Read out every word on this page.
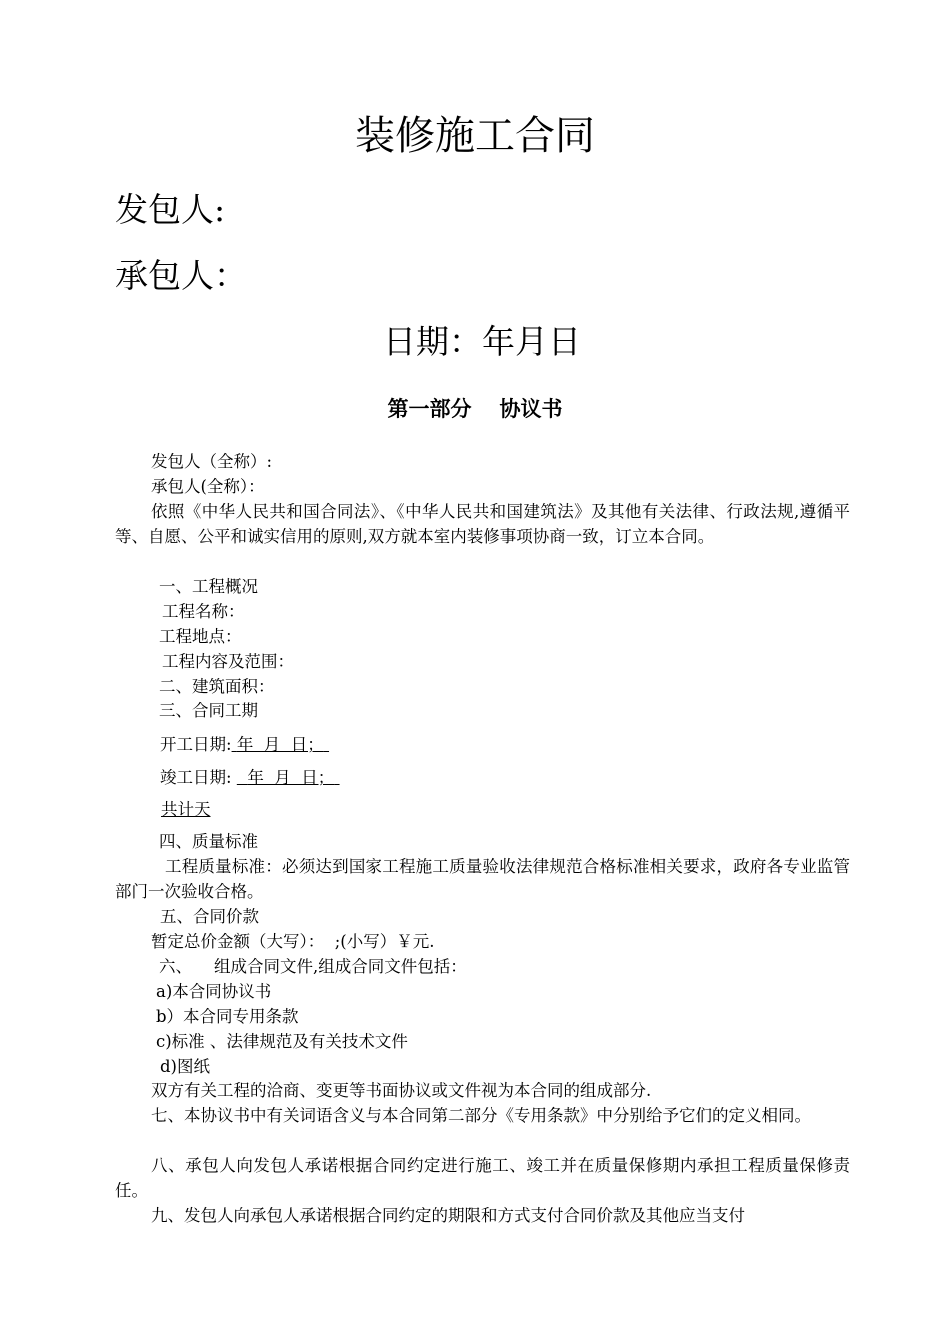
装修施工合同
发包人:
承包人：
日期：年月日
第一部分 协议书
发包人（全称）:
承包人(全称）：
依照《中华人民共和国合同法》、《中华人民共和国建筑法》及其他有关法律、行政法规,遵循平等、自愿、公平和诚实信用的原则,双方就本室内装修事项协商一致，订立本合同。
一、工程概况
工程名称：
工程地点：
工程内容及范围：
二、建筑面积：
三、合同工期
开工日期: 年  月  日；
竣工日期: 年  月  日；
共计天
四、质量标准
工程质量标准：必须达到国家工程施工质量验收法律规范合格标准相关要求，政府各专业监管部门一次验收合格。
五、合同价款
暂定总价金额（大写）：  ;(小写）￥元.
六、 组成合同文件,组成合同文件包括：
a)本合同协议书
b）本合同专用条款
c)标准 、法律规范及有关技术文件
d)图纸
双方有关工程的洽商、变更等书面协议或文件视为本合同的组成部分.
七、本协议书中有关词语含义与本合同第二部分《专用条款》中分别给予它们的定义相同。
八、承包人向发包人承诺根据合同约定进行施工、竣工并在质量保修期内承担工程质量保修责任。
九、发包人向承包人承诺根据合同约定的期限和方式支付合同价款及其他应当支付
